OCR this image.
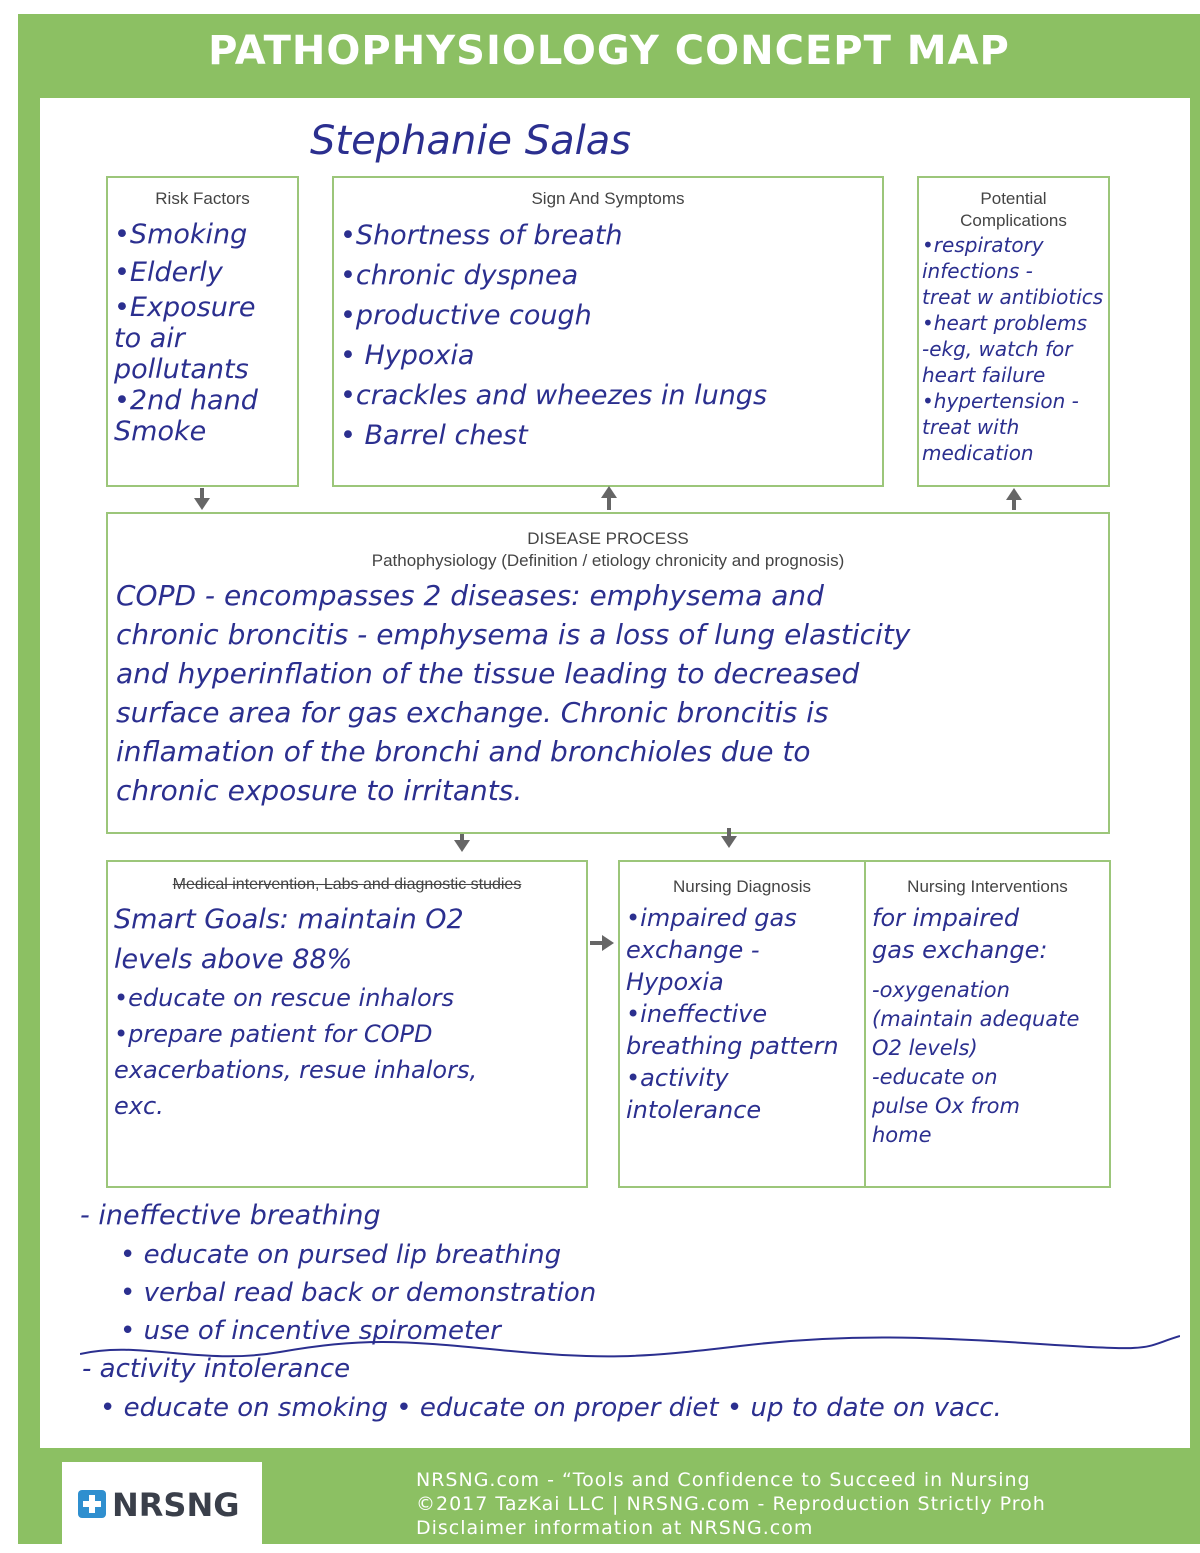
PATHOPHYSIOLOGY CONCEPT MAP
Stephanie Salas
Risk Factors
•Smoking
•Elderly
•Exposure
to air
pollutants
•2nd hand
Smoke
Sign And Symptoms
•Shortness of breath
•chronic dyspnea
•productive cough
• Hypoxia
•crackles and wheezes in lungs
• Barrel chest
Potential
Complications
•respiratory
infections -
treat w antibiotics
•heart problems
-ekg, watch for
heart failure
•hypertension -
treat with
medication
DISEASE PROCESS
Pathophysiology (Definition / etiology chronicity and prognosis)
COPD - encompasses 2 diseases: emphysema and
chronic broncitis - emphysema is a loss of lung elasticity
and hyperinflation of the tissue leading to decreased
surface area for gas exchange. Chronic broncitis is
inflamation of the bronchi and bronchioles due to
chronic exposure to irritants.
Medical intervention, Labs and diagnostic studies
Smart Goals: maintain O2
levels above 88%
•educate on rescue inhalors
•prepare patient for COPD
exacerbations, resue inhalors,
exc.
Nursing Diagnosis
•impaired gas
exchange -
Hypoxia
•ineffective
breathing pattern
•activity
intolerance
Nursing Interventions
for impaired
gas exchange:
-oxygenation
(maintain adequate
O2 levels)
-educate on
pulse Ox from
home
- ineffective breathing
• educate on pursed lip breathing
• verbal read back or demonstration
• use of incentive spirometer
- activity intolerance
• educate on smoking • educate on proper diet • up to date on vacc.
NRSNG
NRSNG.com - “Tools and Confidence to Succeed in Nursing
©2017 TazKai LLC | NRSNG.com - Reproduction Strictly Proh
Disclaimer information at NRSNG.com
